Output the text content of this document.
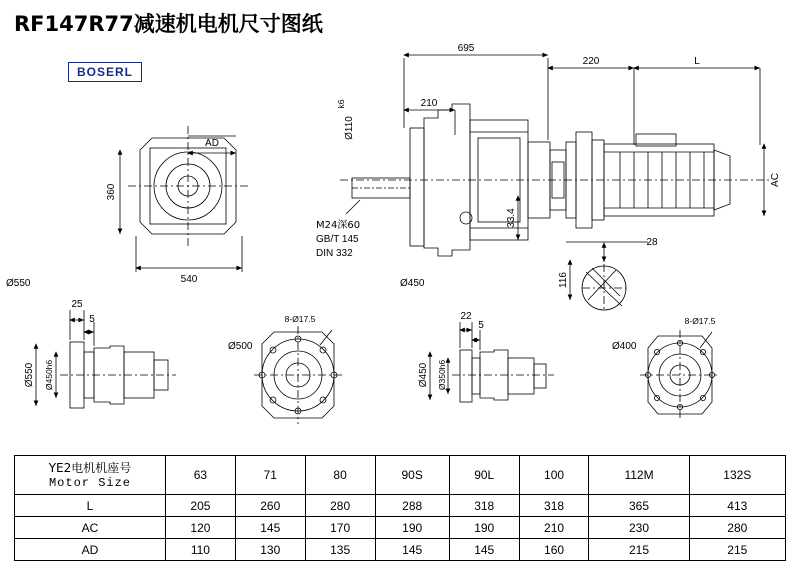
RF147R77减速机电机尺寸图纸
BOSERL
695
220	L
210
Ø110
k6
M24深60
GB/T 145
DIN 332
33.4
28
116
AC
AD
360
540
Ø550	Ø450
25
5	22
5
8-Ø17.5	8-Ø17.5
Ø550 Ø450h6
Ø500
Ø450 Ø350h6
Ø400
YE2电机机座号
Motor Size	63	71	80	90S	90L	100	112M	132S
L	205	260	280	288	318	318	365	413
AC	120	145	170	190	190	210	230	280
AD	110	130	135	145	145	160	215	215
